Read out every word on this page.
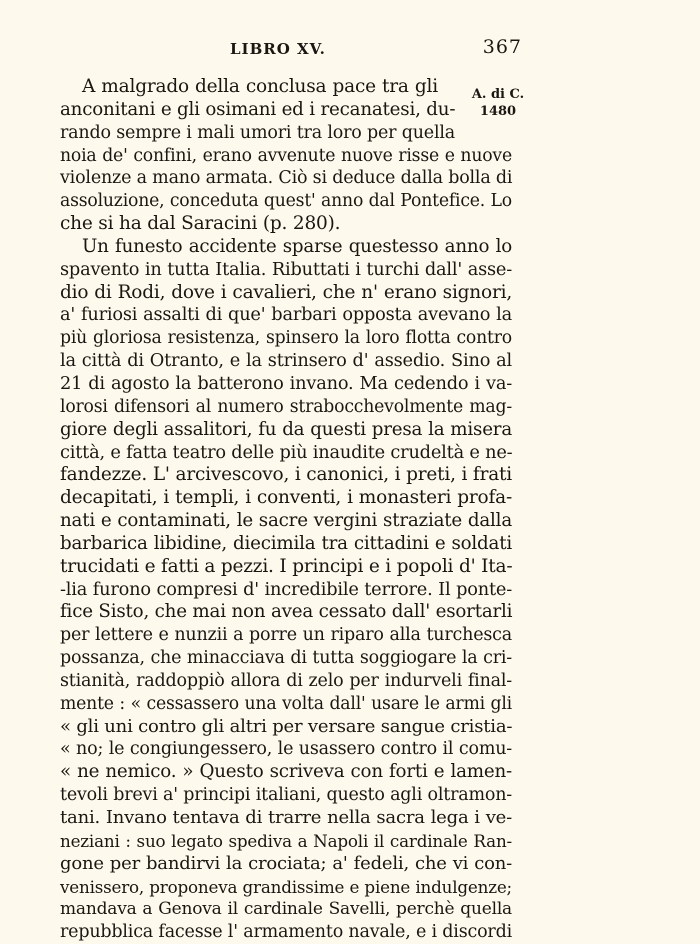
LIBRO XV.	367
A. di C.
1480
A malgrado della conclusa pace tra gli
anconitani e gli osimani ed i recanatesi, du-
rando sempre i mali umori tra loro per quella
noia de' confini, erano avvenute nuove risse e nuove
violenze a mano armata. Ciò si deduce dalla bolla di
assoluzione, conceduta quest' anno dal Pontefice. Lo
che si ha dal Saracini (p. 280).
Un funesto accidente sparse questesso anno lo
spavento in tutta Italia. Ributtati i turchi dall' asse-
dio di Rodi, dove i cavalieri, che n' erano signori,
a' furiosi assalti di que' barbari opposta avevano la
più gloriosa resistenza, spinsero la loro flotta contro
la città di Otranto, e la strinsero d' assedio. Sino al
21 di agosto la batterono invano. Ma cedendo i va-
lorosi difensori al numero strabocchevolmente mag-
giore degli assalitori, fu da questi presa la misera
città, e fatta teatro delle più inaudite crudeltà e ne-
fandezze. L' arcivescovo, i canonici, i preti, i frati
decapitati, i templi, i conventi, i monasteri profa-
nati e contaminati, le sacre vergini straziate dalla
barbarica libidine, diecimila tra cittadini e soldati
trucidati e fatti a pezzi. I principi e i popoli d' Ita-
-lia furono compresi d' incredibile terrore. Il ponte-
fice Sisto, che mai non avea cessato dall' esortarli
per lettere e nunzii a porre un riparo alla turchesca
possanza, che minacciava di tutta soggiogare la cri-
stianità, raddoppiò allora di zelo per indurveli final-
mente : « cessassero una volta dall' usare le armi gli
« gli uni contro gli altri per versare sangue cristia-
« no; le congiungessero, le usassero contro il comu-
« ne nemico. » Questo scriveva con forti e lamen-
tevoli brevi a' principi italiani, questo agli oltramon-
tani. Invano tentava di trarre nella sacra lega i ve-
neziani : suo legato spediva a Napoli il cardinale Ran-
gone per bandirvi la crociata; a' fedeli, che vi con-
venissero, proponeva grandissime e piene indulgenze;
mandava a Genova il cardinale Savelli, perchè quella
repubblica facesse l' armamento navale, e i discordi
